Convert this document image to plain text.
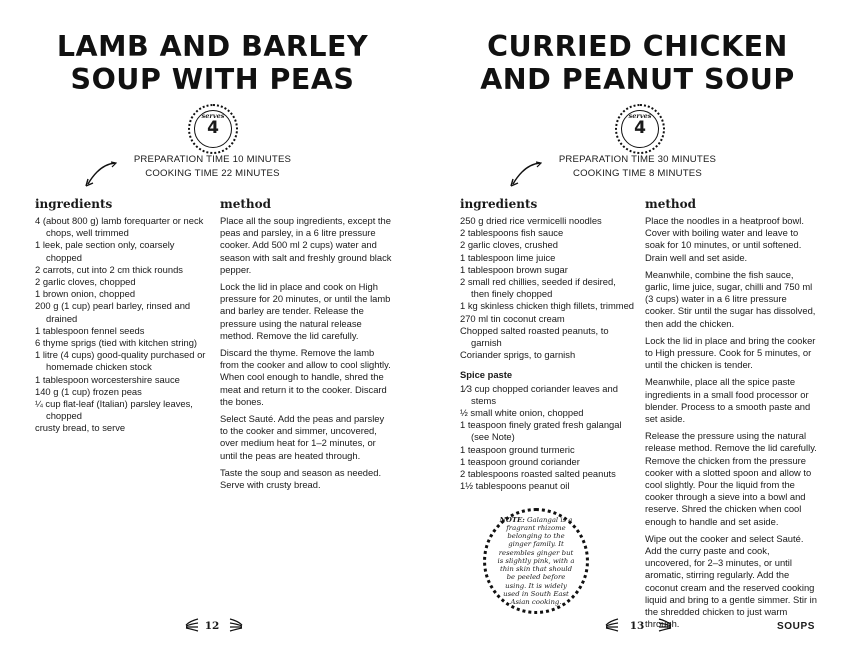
LAMB AND BARLEY
SOUP WITH PEAS
serves
4
PREPARATION TIME 10 MINUTES
COOKING TIME 22 MINUTES
ingredients	method
4 (about 800 g) lamb forequarter or neck chops, well trimmed
1 leek, pale section only, coarsely chopped
2 carrots, cut into 2 cm thick rounds
2 garlic cloves, chopped
1 brown onion, chopped
200 g (1 cup) pearl barley, rinsed and drained
1 tablespoon fennel seeds
6 thyme sprigs (tied with kitchen string)
1 litre (4 cups) good-quality purchased or homemade chicken stock
1 tablespoon worcestershire sauce
140 g (1 cup) frozen peas
¼ cup flat-leaf (Italian) parsley leaves, chopped
crusty bread, to serve

Place all the soup ingredients, except the peas and parsley, in a 6 litre pressure cooker. Add 500 ml 2 cups) water and season with salt and freshly ground black pepper.

Lock the lid in place and cook on High pressure for 20 minutes, or until the lamb and barley are tender. Release the pressure using the natural release method. Remove the lid carefully.

Discard the thyme. Remove the lamb from the cooker and allow to cool slightly. When cool enough to handle, shred the meat and return it to the cooker. Discard the bones.

Select Sauté. Add the peas and parsley to the cooker and simmer, uncovered, over medium heat for 1–2 minutes, or until the peas are heated through.

Taste the soup and season as needed. Serve with crusty bread.

12
CURRIED CHICKEN
AND PEANUT SOUP
serves
4
PREPARATION TIME 30 MINUTES
COOKING TIME 8 MINUTES
ingredients	method
250 g dried rice vermicelli noodles
2 tablespoons fish sauce
2 garlic cloves, crushed
1 tablespoon lime juice
1 tablespoon brown sugar
2 small red chillies, seeded if desired, then finely chopped
1 kg skinless chicken thigh fillets, trimmed
270 ml tin coconut cream
Chopped salted roasted peanuts, to garnish
Coriander sprigs, to garnish
Spice paste
1⁄3 cup chopped coriander leaves and stems
½ small white onion, chopped
1 teaspoon finely grated fresh galangal (see Note)
1 teaspoon ground turmeric
1 teaspoon ground coriander
2 tablespoons roasted salted peanuts
1½ tablespoons peanut oil

Place the noodles in a heatproof bowl. Cover with boiling water and leave to soak for 10 minutes, or until softened. Drain well and set aside.

Meanwhile, combine the fish sauce, garlic, lime juice, sugar, chilli and 750 ml (3 cups) water in a 6 litre pressure cooker. Stir until the sugar has dissolved, then add the chicken.

Lock the lid in place and bring the cooker to High pressure. Cook for 5 minutes, or until the chicken is tender.

Meanwhile, place all the spice paste ingredients in a small food processor or blender. Process to a smooth paste and set aside.

Release the pressure using the natural release method. Remove the lid carefully. Remove the chicken from the pressure cooker with a slotted spoon and allow to cool slightly. Pour the liquid from the cooker through a sieve into a bowl and reserve. Shred the chicken when cool enough to handle and set aside.

Wipe out the cooker and select Sauté. Add the curry paste and cook, uncovered, for 2–3 minutes, or until aromatic, stirring regularly. Add the coconut cream and the reserved cooking liquid and bring to a gentle simmer. Stir in the shredded chicken to just warm through.

13	SOUPS
NOTE: Galangal is a fragrant rhizome belonging to the ginger family. It resembles ginger but is slightly pink, with a thin skin that should be peeled before using. It is widely used in South East Asian cooking.
